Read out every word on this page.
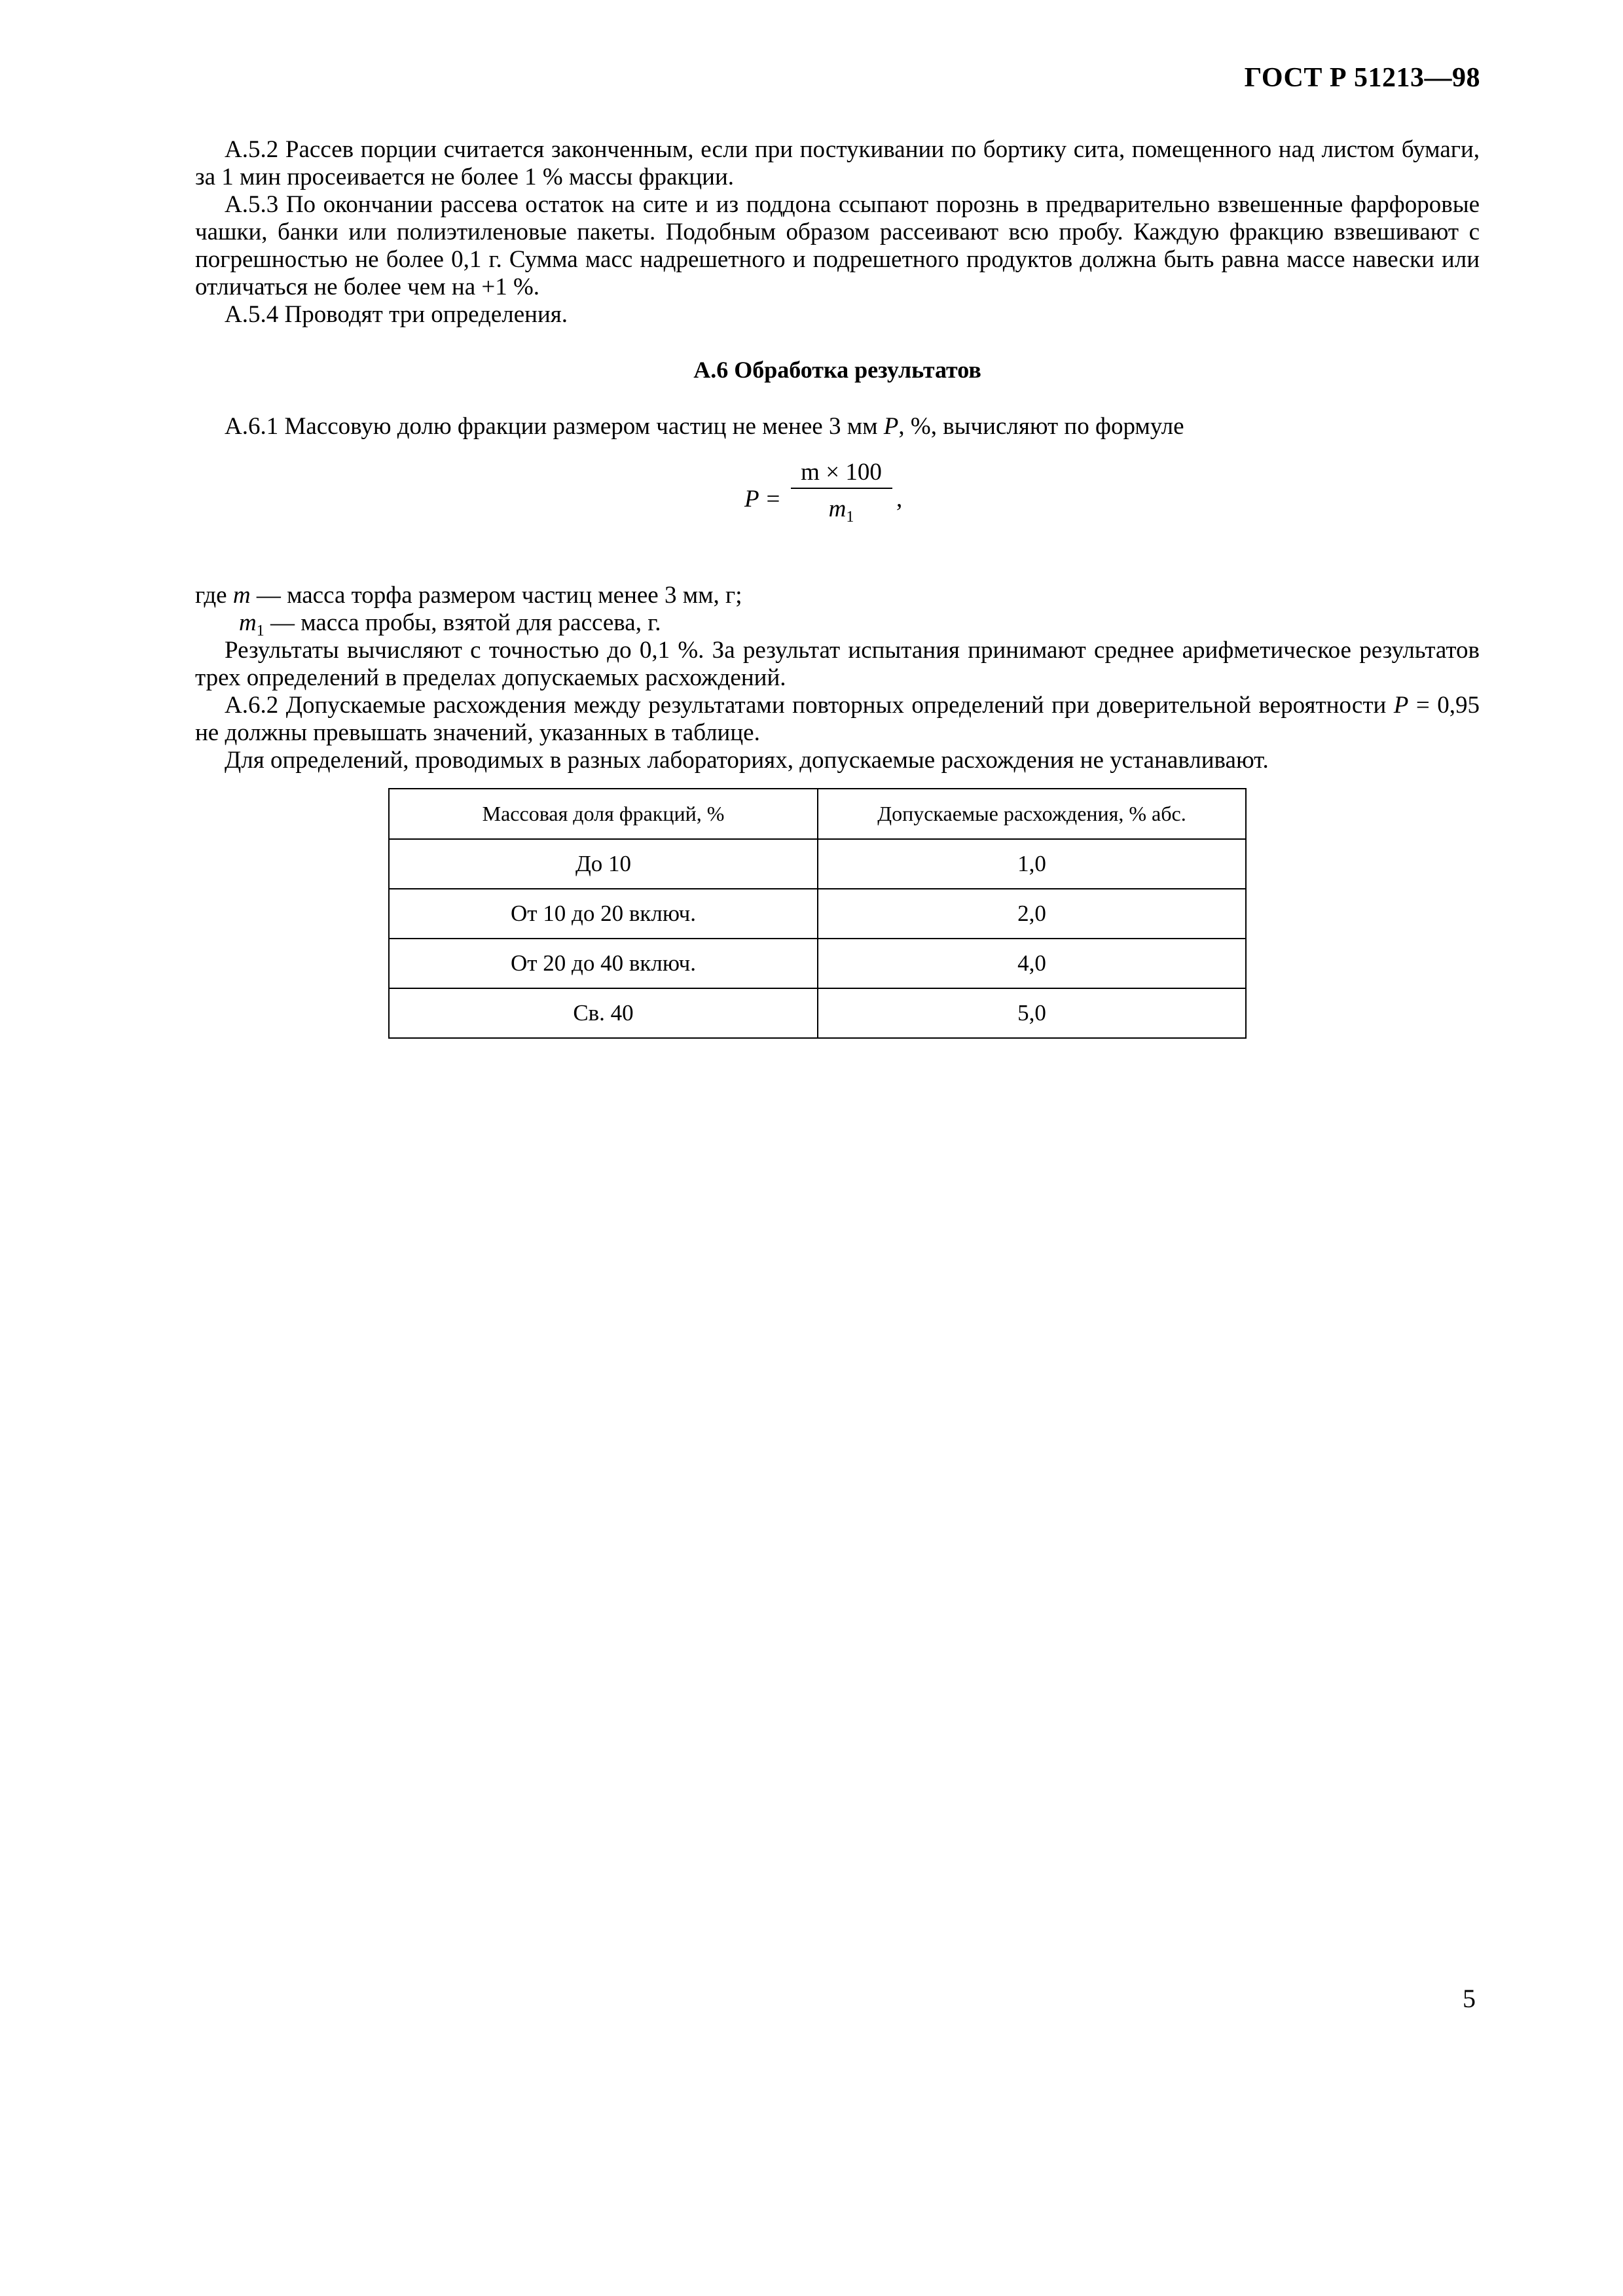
ГОСТ Р 51213—98

А.5.2 Рассев порции считается законченным, если при постукивании по бортику сита, помещенного над листом бумаги, за 1 мин просеивается не более 1 % массы фракции.

А.5.3 По окончании рассева остаток на сите и из поддона ссыпают порознь в предварительно взвешенные фарфоровые чашки, банки или полиэтиленовые пакеты. Подобным образом рассеивают всю пробу. Каждую фракцию взвешивают с погрешностью не более 0,1 г. Сумма масс надрешетного и подрешетного продуктов должна быть равна массе навески или отличаться не более чем на +1 %.

А.5.4 Проводят три определения.

А.6 Обработка результатов

А.6.1 Массовую долю фракции размером частиц не менее 3 мм P, %, вычисляют по формуле

P =
m × 100
$m_1$
,

где m — масса торфа размером частиц менее 3 мм, г;

$m_1$ — масса пробы, взятой для рассева, г.

Результаты вычисляют с точностью до 0,1 %. За результат испытания принимают среднее арифметическое результатов трех определений в пределах допускаемых расхождений.

А.6.2 Допускаемые расхождения между результатами повторных определений при доверительной вероятности P = 0,95 не должны превышать значений, указанных в таблице.

Для определений, проводимых в разных лабораториях, допускаемые расхождения не устанавливают.

Массовая доля фракций, %	Допускаемые расхождения, % абс.
До 10	1,0
От 10 до 20 включ.	2,0
От 20 до 40 включ.	4,0
Св. 40	5,0
5
